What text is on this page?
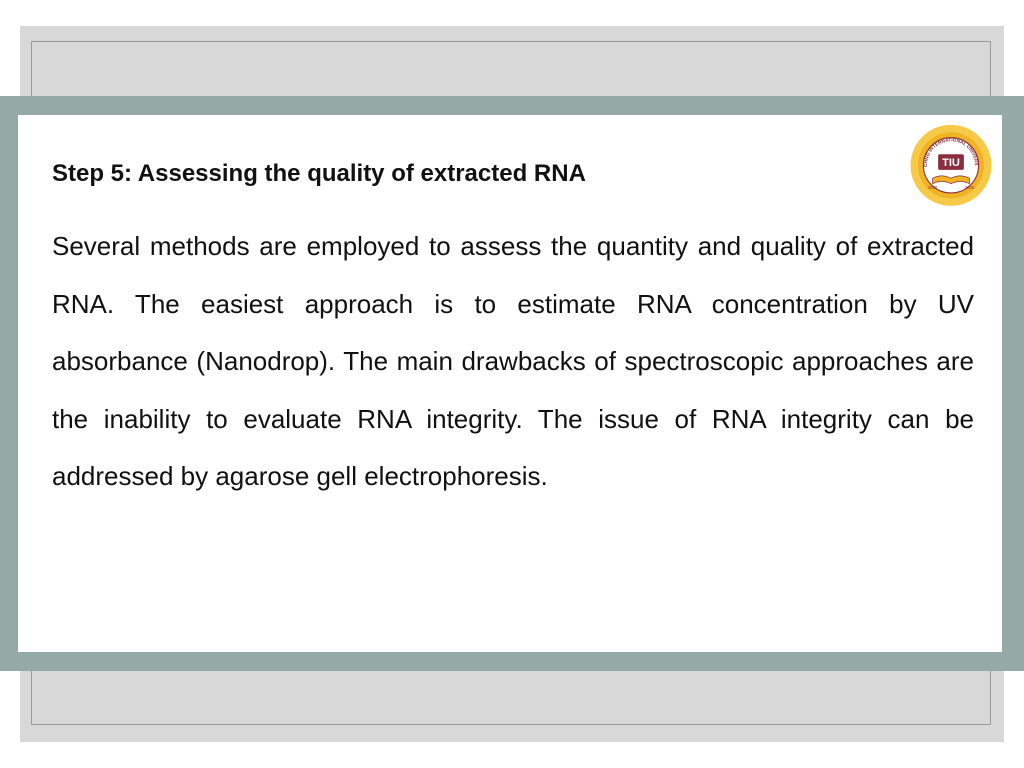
Step 5: Assessing the quality of extracted RNA

Several methods are employed to assess the quantity and quality of extracted RNA. The easiest approach is to estimate RNA concentration by UV absorbance (Nanodrop). The main drawbacks of spectroscopic approaches are the inability to evaluate RNA integrity. The issue of RNA integrity can be addressed by agarose gell electrophoresis.

CHNO INTERNATIONAL UNIVERS
TIU
2006	2008
